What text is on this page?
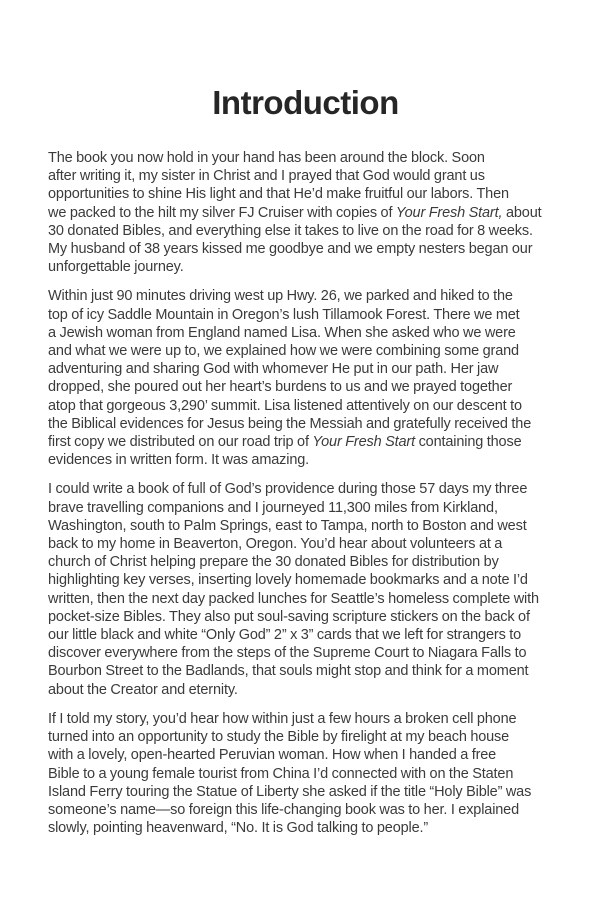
Introduction

The book you now hold in your hand has been around the block. Soon
after writing it, my sister in Christ and I prayed that God would grant us
opportunities to shine His light and that He’d make fruitful our labors. Then
we packed to the hilt my silver FJ Cruiser with copies of Your Fresh Start, about
30 donated Bibles, and everything else it takes to live on the road for 8 weeks.
My husband of 38 years kissed me goodbye and we empty nesters began our
unforgettable journey.

Within just 90 minutes driving west up Hwy. 26, we parked and hiked to the
top of icy Saddle Mountain in Oregon’s lush Tillamook Forest. There we met
a Jewish woman from England named Lisa. When she asked who we were
and what we were up to, we explained how we were combining some grand
adventuring and sharing God with whomever He put in our path. Her jaw
dropped, she poured out her heart’s burdens to us and we prayed together
atop that gorgeous 3,290’ summit. Lisa listened attentively on our descent to
the Biblical evidences for Jesus being the Messiah and gratefully received the
first copy we distributed on our road trip of Your Fresh Start containing those
evidences in written form. It was amazing.

I could write a book of full of God’s providence during those 57 days my three
brave travelling companions and I journeyed 11,300 miles from Kirkland,
Washington, south to Palm Springs, east to Tampa, north to Boston and west
back to my home in Beaverton, Oregon. You’d hear about volunteers at a
church of Christ helping prepare the 30 donated Bibles for distribution by
highlighting key verses, inserting lovely homemade bookmarks and a note I’d
written, then the next day packed lunches for Seattle’s homeless complete with
pocket-size Bibles. They also put soul-saving scripture stickers on the back of
our little black and white “Only God” 2” x 3” cards that we left for strangers to
discover everywhere from the steps of the Supreme Court to Niagara Falls to
Bourbon Street to the Badlands, that souls might stop and think for a moment
about the Creator and eternity.

If I told my story, you’d hear how within just a few hours a broken cell phone
turned into an opportunity to study the Bible by firelight at my beach house
with a lovely, open-hearted Peruvian woman. How when I handed a free
Bible to a young female tourist from China I’d connected with on the Staten
Island Ferry touring the Statue of Liberty she asked if the title “Holy Bible” was
someone’s name—so foreign this life-changing book was to her. I explained
slowly, pointing heavenward, “No. It is God talking to people.”
